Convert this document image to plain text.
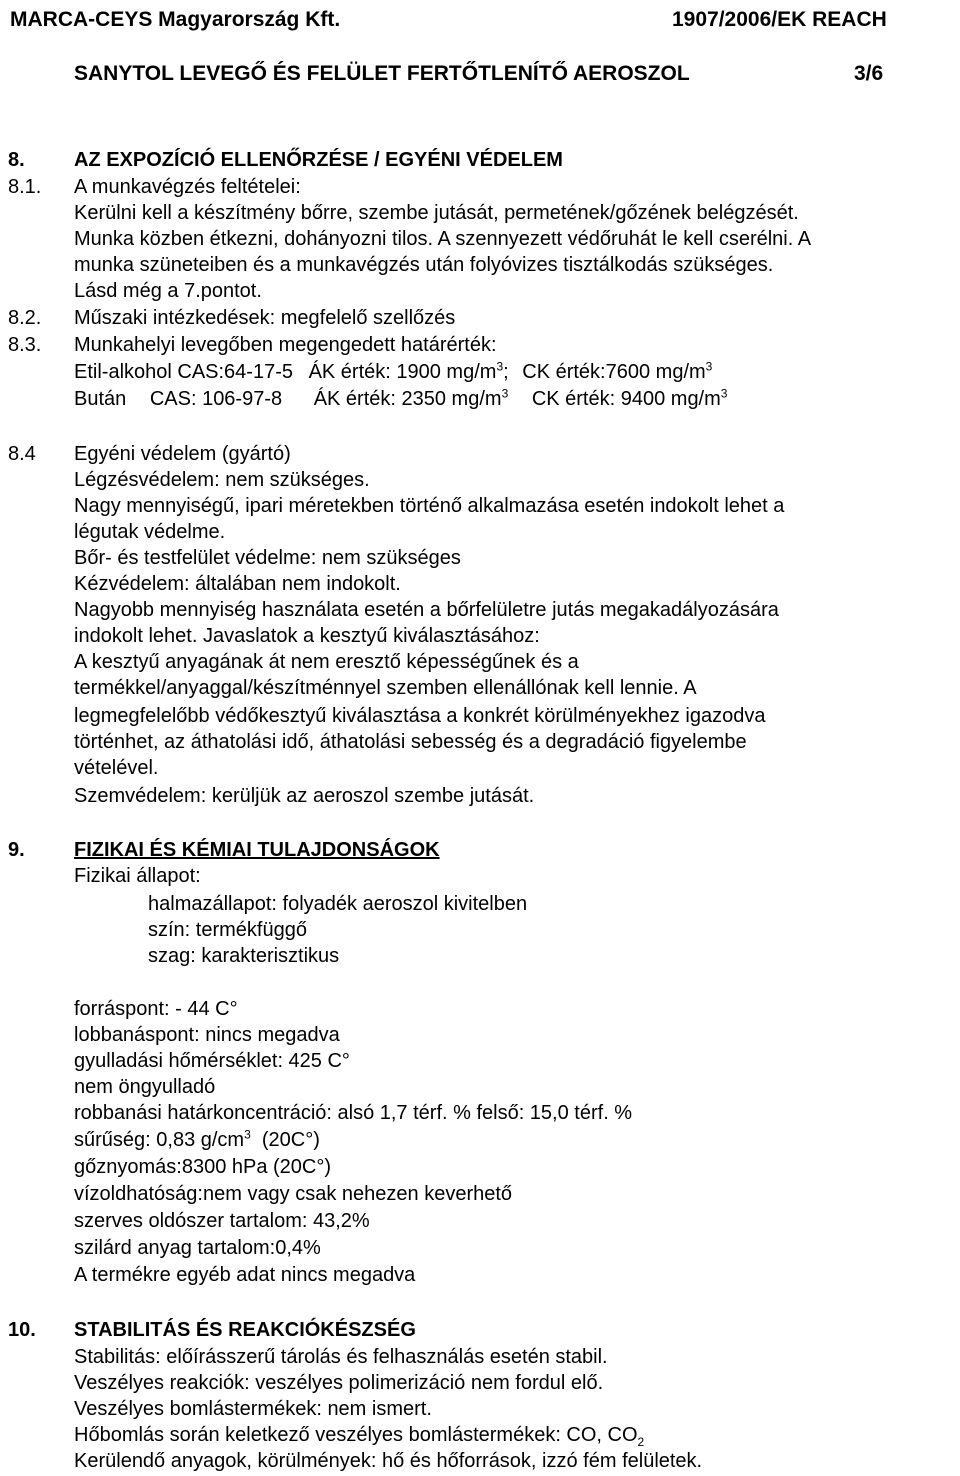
MARCA-CEYS Magyarország Kft.	1907/2006/EK REACH
SANYTOL LEVEGŐ ÉS FELÜLET FERTŐTLENÍTŐ AEROSZOL	3/6
8. AZ EXPOZÍCIÓ ELLENŐRZÉSE / EGYÉNI VÉDELEM
8.1. A munkavégzés feltételei:
Kerülni kell a készítmény bőrre, szembe jutását, permetének/gőzének belégzését.
Munka közben étkezni, dohányozni tilos. A szennyezett védőruhát le kell cserélni. A
munka szüneteiben és a munkavégzés után folyóvizes tisztálkodás szükséges.
Lásd még a 7.pontot.
8.2. Műszaki intézkedések: megfelelő szellőzés
8.3. Munkahelyi levegőben megengedett határérték:
Etil-alkohol CAS:64-17-5 ÁK érték: 1900 $mg/m^3$; CK érték:7600 $mg/m^3$
Bután CAS: 106-97-8 ÁK érték: 2350 $mg/m^3$ CK érték: 9400 $mg/m^3$
8.4 Egyéni védelem (gyártó)
Légzésvédelem: nem szükséges.
Nagy mennyiségű, ipari méretekben történő alkalmazása esetén indokolt lehet a
légutak védelme.
Bőr- és testfelület védelme: nem szükséges
Kézvédelem: általában nem indokolt.
Nagyobb mennyiség használata esetén a bőrfelületre jutás megakadályozására
indokolt lehet. Javaslatok a kesztyű kiválasztásához:
A kesztyű anyagának át nem eresztő képességűnek és a
termékkel/anyaggal/készítménnyel szemben ellenállónak kell lennie. A
legmegfelelőbb védőkesztyű kiválasztása a konkrét körülményekhez igazodva
történhet, az áthatolási idő, áthatolási sebesség és a degradáció figyelembe
vételével.
Szemvédelem: kerüljük az aeroszol szembe jutását.
9. FIZIKAI ÉS KÉMIAI TULAJDONSÁGOK
Fizikai állapot:
halmazállapot: folyadék aeroszol kivitelben
szín: termékfüggő
szag: karakterisztikus
forráspont: - 44 C°
lobbanáspont: nincs megadva
gyulladási hőmérséklet: 425 C°
nem öngyulladó
robbanási határkoncentráció: alsó 1,7 térf. % felső: 15,0 térf. %
sűrűség: 0,83 $g/cm^3$  (20C°)
gőznyomás:8300 hPa (20C°)
vízoldhatóság:nem vagy csak nehezen keverhető
szerves oldószer tartalom: 43,2%
szilárd anyag tartalom:0,4%
A termékre egyéb adat nincs megadva
10. STABILITÁS ÉS REAKCIÓKÉSZSÉG
Stabilitás: előírásszerű tárolás és felhasználás esetén stabil.
Veszélyes reakciók: veszélyes polimerizáció nem fordul elő.
Veszélyes bomlástermékek: nem ismert.
Hőbomlás során keletkező veszélyes bomlástermékek: CO, $CO_2$
Kerülendő anyagok, körülmények: hő és hőforrások, izzó fém felületek.
